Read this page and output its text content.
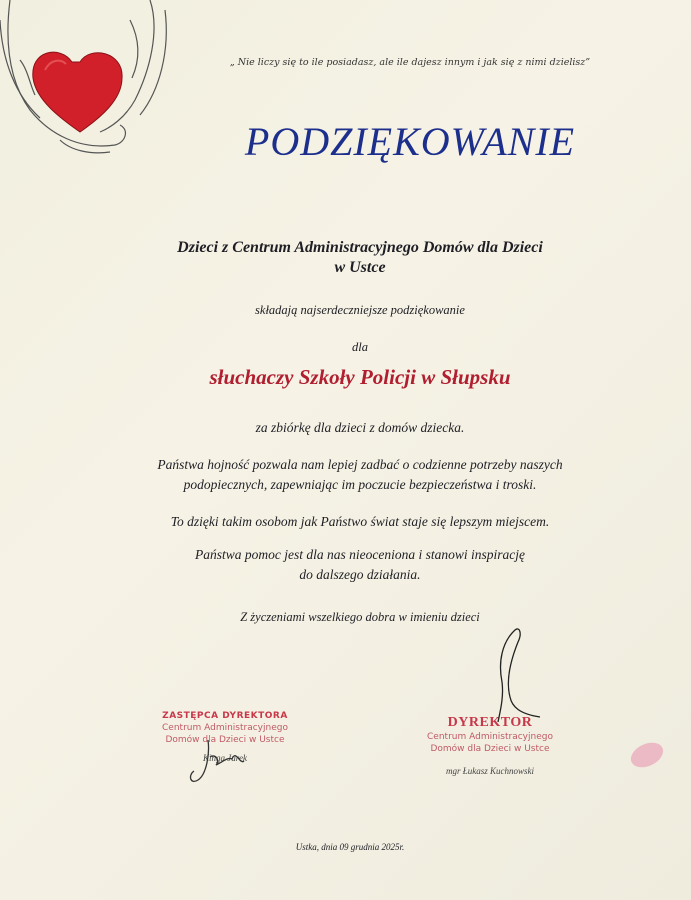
„ Nie liczy się to ile posiadasz, ale ile dajesz innym i jak się z nimi dzielisz”
PODZIĘKOWANIE
Dzieci z Centrum Administracyjnego Domów dla Dzieci
w Ustce
składają najserdeczniejsze podziękowanie
dla
słuchaczy Szkoły Policji w Słupsku
za zbiórkę dla dzieci z domów dziecka.
Państwa hojność pozwala nam lepiej zadbać o codzienne potrzeby naszych
podopiecznych, zapewniając im poczucie bezpieczeństwa i troski.
To dzięki takim osobom jak Państwo świat staje się lepszym miejscem.
Państwa pomoc jest dla nas nieoceniona i stanowi inspirację
do dalszego działania.
Z życzeniami wszelkiego dobra w imieniu dzieci
ZASTĘPCA DYREKTORA
Centrum Administracyjnego
Domów dla Dzieci w Ustce
Kinga Jurek
DYREKTOR
Centrum Administracyjnego
Domów dla Dzieci w Ustce
mgr Łukasz Kuchnowski
Ustka, dnia 09 grudnia 2025r.
